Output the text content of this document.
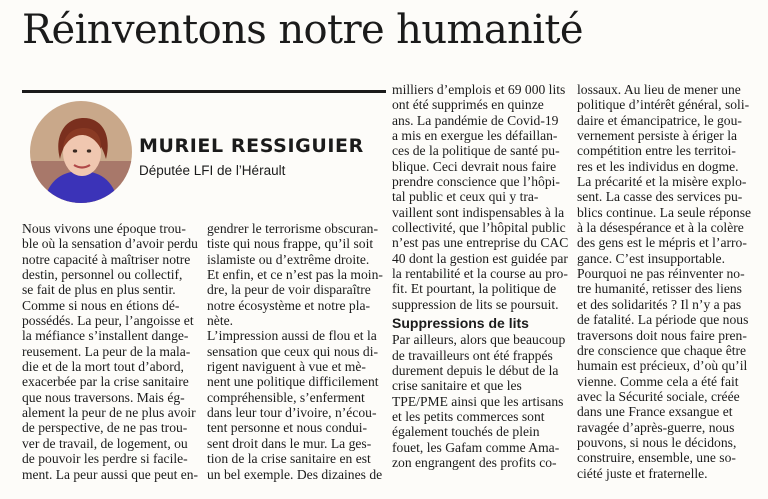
Réinventons notre humanité
MURIEL RESSIGUIER
Députée LFI de l’Hérault

Nous vivons une époque trou-

ble où la sensation d’avoir perdu

notre capacité à maîtriser notre

destin, personnel ou collectif,

se fait de plus en plus sentir.

Comme si nous en étions dé-

possédés. La peur, l’angoisse et

la méfiance s’installent dange-

reusement. La peur de la mala-

die et de la mort tout d’abord,

exacerbée par la crise sanitaire

que nous traversons. Mais ég-

alement la peur de ne plus avoir

de perspective, de ne pas trou-

ver de travail, de logement, ou

de pouvoir les perdre si facile-

ment. La peur aussi que peut en-

gendrer le terrorisme obscuran-

tiste qui nous frappe, qu’il soit

islamiste ou d’extrême droite.

Et enfin, et ce n’est pas la moin-

dre, la peur de voir disparaître

notre écosystème et notre pla-

nète.

L’impression aussi de flou et la

sensation que ceux qui nous di-

rigent naviguent à vue et mè-

nent une politique difficilement

compréhensible, s’enferment

dans leur tour d’ivoire, n’écou-

tent personne et nous condui-

sent droit dans le mur. La ges-

tion de la crise sanitaire en est

un bel exemple. Des dizaines de

milliers d’emplois et 69 000 lits

ont été supprimés en quinze

ans. La pandémie de Covid-19

a mis en exergue les défaillan-

ces de la politique de santé pu-

blique. Ceci devrait nous faire

prendre conscience que l’hôpi-

tal public et ceux qui y tra-

vaillent sont indispensables à la

collectivité, que l’hôpital public

n’est pas une entreprise du CAC

40 dont la gestion est guidée par

la rentabilité et la course au pro-

fit. Et pourtant, la politique de

suppression de lits se poursuit.

Suppressions de lits

Par ailleurs, alors que beaucoup

de travailleurs ont été frappés

durement depuis le début de la

crise sanitaire et que les

TPE/PME ainsi que les artisans

et les petits commerces sont

également touchés de plein

fouet, les Gafam comme Ama-

zon engrangent des profits co-

lossaux. Au lieu de mener une

politique d’intérêt général, soli-

daire et émancipatrice, le gou-

vernement persiste à ériger la

compétition entre les territoi-

res et les individus en dogme.

La précarité et la misère explo-

sent. La casse des services pu-

blics continue. La seule réponse

à la désespérance et à la colère

des gens est le mépris et l’arro-

gance. C’est insupportable.

Pourquoi ne pas réinventer no-

tre humanité, retisser des liens

et des solidarités ? Il n’y a pas

de fatalité. La période que nous

traversons doit nous faire pren-

dre conscience que chaque être

humain est précieux, d’où qu’il

vienne. Comme cela a été fait

avec la Sécurité sociale, créée

dans une France exsangue et

ravagée d’après-guerre, nous

pouvons, si nous le décidons,

construire, ensemble, une so-

ciété juste et fraternelle.
